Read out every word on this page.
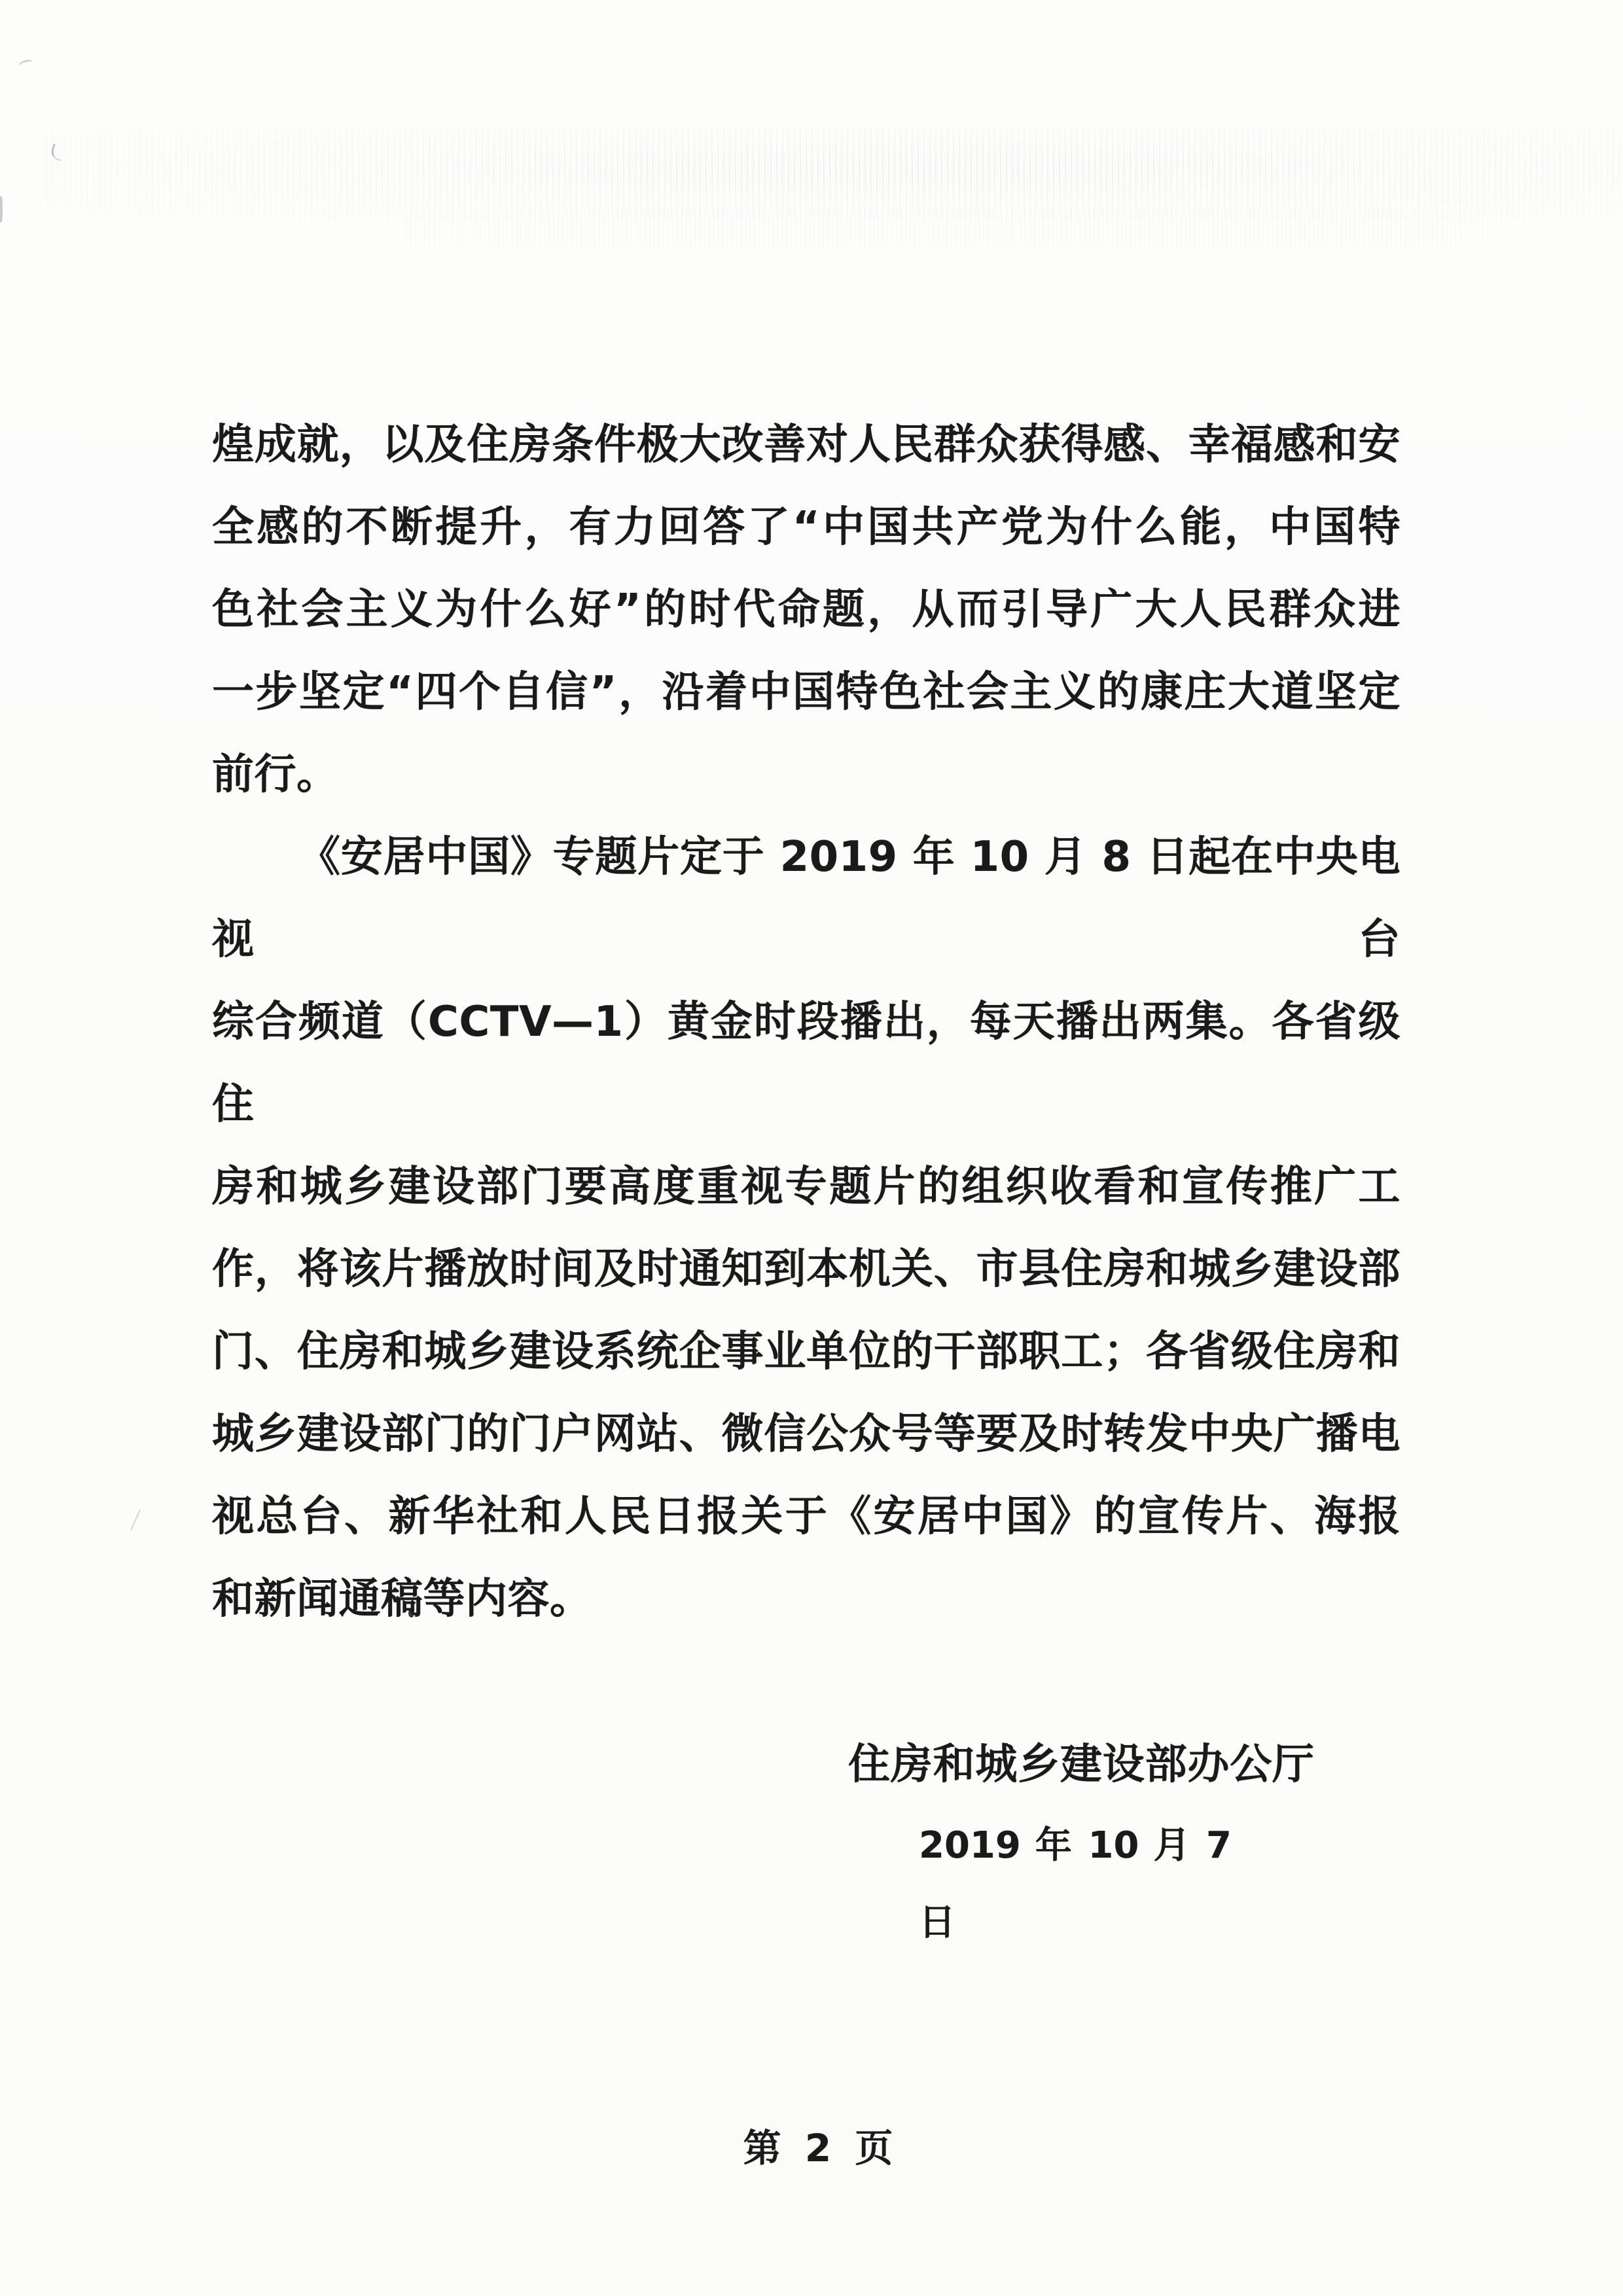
煌成就，以及住房条件极大改善对人民群众获得感、幸福感和安
全感的不断提升，有力回答了“中国共产党为什么能，中国特
色社会主义为什么好”的时代命题，从而引导广大人民群众进
一步坚定“四个自信”，沿着中国特色社会主义的康庄大道坚定
前行。
《安居中国》专题片定于 2019 年 10 月 8 日起在中央电视台
综合频道（CCTV—1）黄金时段播出，每天播出两集。各省级住
房和城乡建设部门要高度重视专题片的组织收看和宣传推广工
作，将该片播放时间及时通知到本机关、市县住房和城乡建设部
门、住房和城乡建设系统企事业单位的干部职工；各省级住房和
城乡建设部门的门户网站、微信公众号等要及时转发中央广播电
视总台、新华社和人民日报关于《安居中国》的宣传片、海报
和新闻通稿等内容。
住房和城乡建设部办公厅
2019 年 10 月 7 日
第 2 页
